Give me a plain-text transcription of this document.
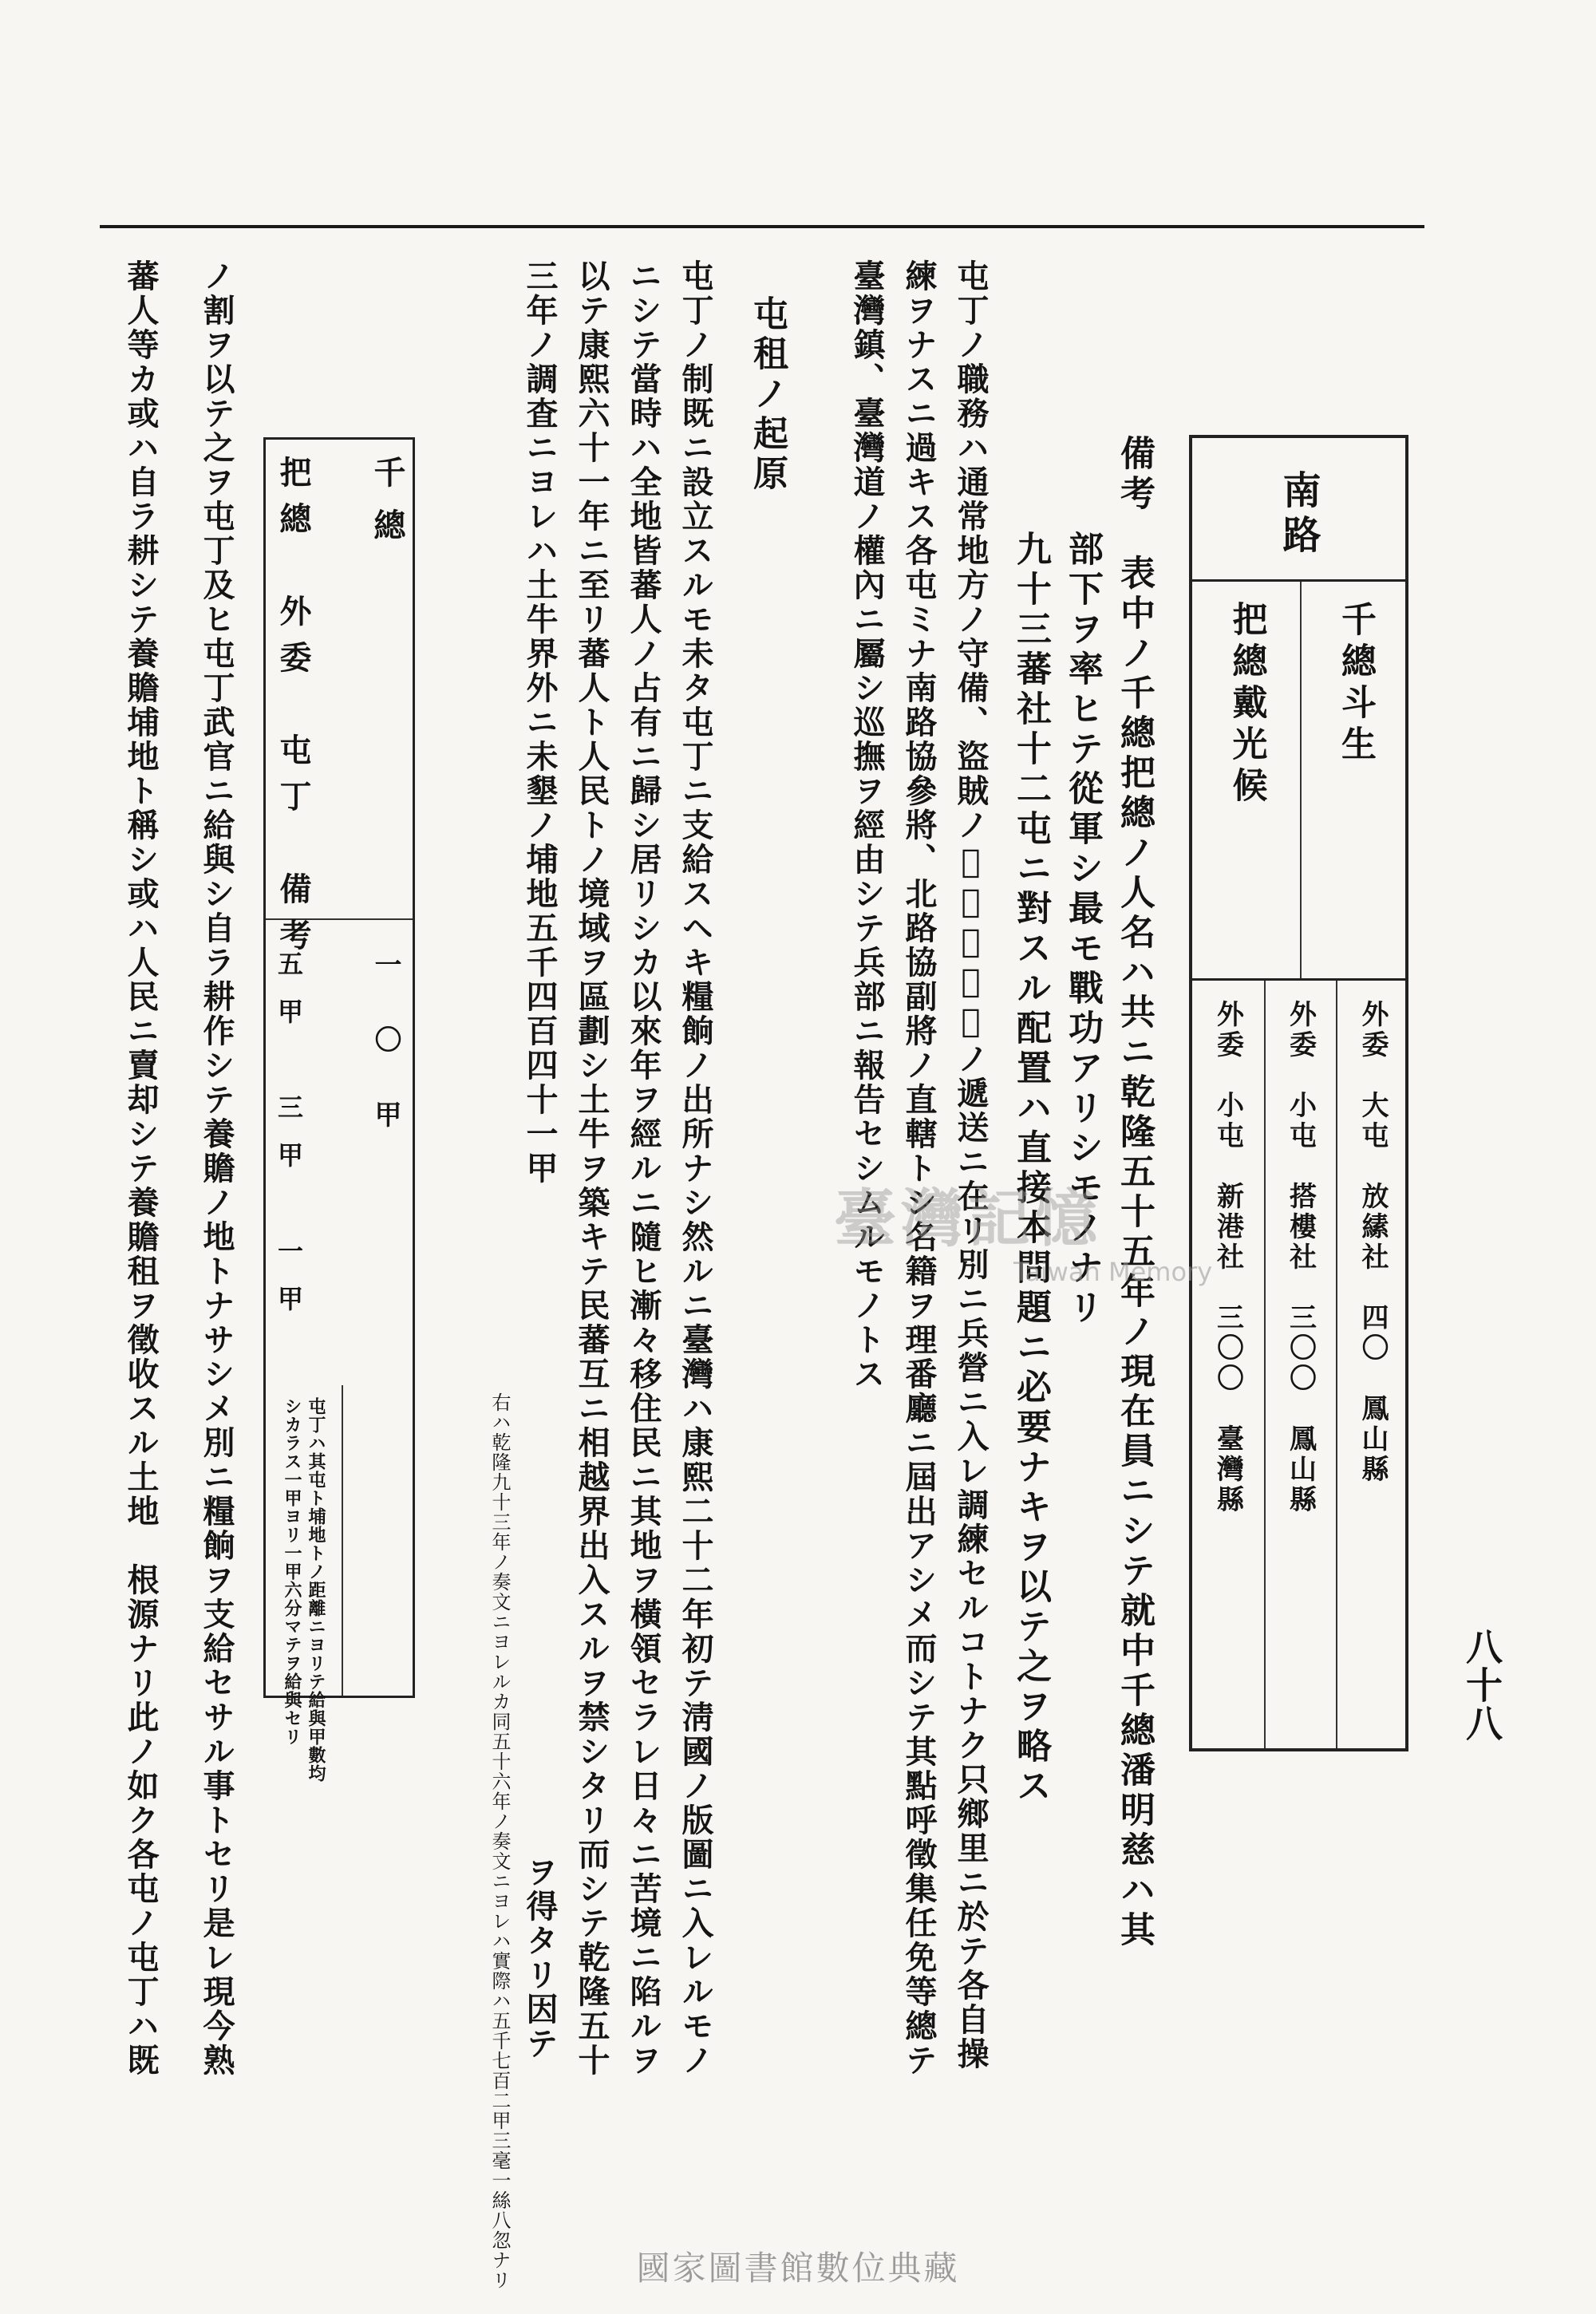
八十八
南路
把總戴光候 千總斗生
外委　小屯　新港社　三〇〇　臺灣縣
外委　小屯　搭樓社　三〇〇　鳳山縣
外委　大屯　放縤社　四〇　鳳山縣
備考　表中ノ千總把總ノ人名ハ共ニ乾隆五十五年ノ現在員ニシテ就中千總潘明慈ハ其
部下ヲ率ヒテ從軍シ最モ戰功アリシモノナリ
九十三蕃社十二屯ニ對スル配置ハ直接本問題ニ必要ナキヲ以テ之ヲ略ス
屯丁ノ職務ハ通常地方ノ守備、盜賊ノ𥌒査、公文ノ遞送ニ在リ別ニ兵營ニ入レ調練セルコトナク只鄉里ニ於テ各自操
練ヲナスニ過キス各屯ミナ南路協參將、北路協副將ノ直轄トシ名籍ヲ理番廳ニ屆出アシメ而シテ其點呼徵集任免等總テ
臺灣鎮、臺灣道ノ權內ニ屬シ巡撫ヲ經由シテ兵部ニ報告セシムルモノトス
屯租ノ起原
屯丁ノ制既ニ設立スルモ未タ屯丁ニ支給スヘキ糧餉ノ出所ナシ然ルニ臺灣ハ康熙二十二年初テ淸國ノ版圖ニ入レルモノ
ニシテ當時ハ全地皆蕃人ノ占有ニ歸シ居リシカ以來年ヲ經ルニ隨ヒ漸々移住民ニ其地ヲ橫領セラレ日々ニ苦境ニ陷ルヲ
以テ康熙六十一年ニ至リ蕃人ト人民トノ境域ヲ區劃シ土牛ヲ築キテ民蕃互ニ相越界出入スルヲ禁シタリ而シテ乾隆五十
三年ノ調査ニヨレハ土牛界外ニ未墾ノ埔地五千四百四十一甲
右ハ乾隆九十三年ノ奏文ニヨレルカ同五十六年ノ奏文ニヨレハ實際ハ五千七百二甲三毫一絲八忽ナリ ヲ得タリ因テ
千總
把總　外委　屯丁　備考
一〇甲
五甲　三甲　一甲
屯丁ハ其屯ト埔地トノ距離ニヨリテ給與甲數均
シカラス一甲ヨリ一甲六分マテヲ給與セリ
ノ割ヲ以テ之ヲ屯丁及ヒ屯丁武官ニ給與シ自ラ耕作シテ養贍ノ地トナサシメ別ニ糧餉ヲ支給セサル事トセリ是レ現今熟
蕃人等カ或ハ自ラ耕シテ養贍埔地ト稱シ或ハ人民ニ賣却シテ養贍租ヲ徵收スル土地　根源ナリ此ノ如ク各屯ノ屯丁ハ既	臺灣記憶
Taiwan Memory
國家圖書館數位典藏
